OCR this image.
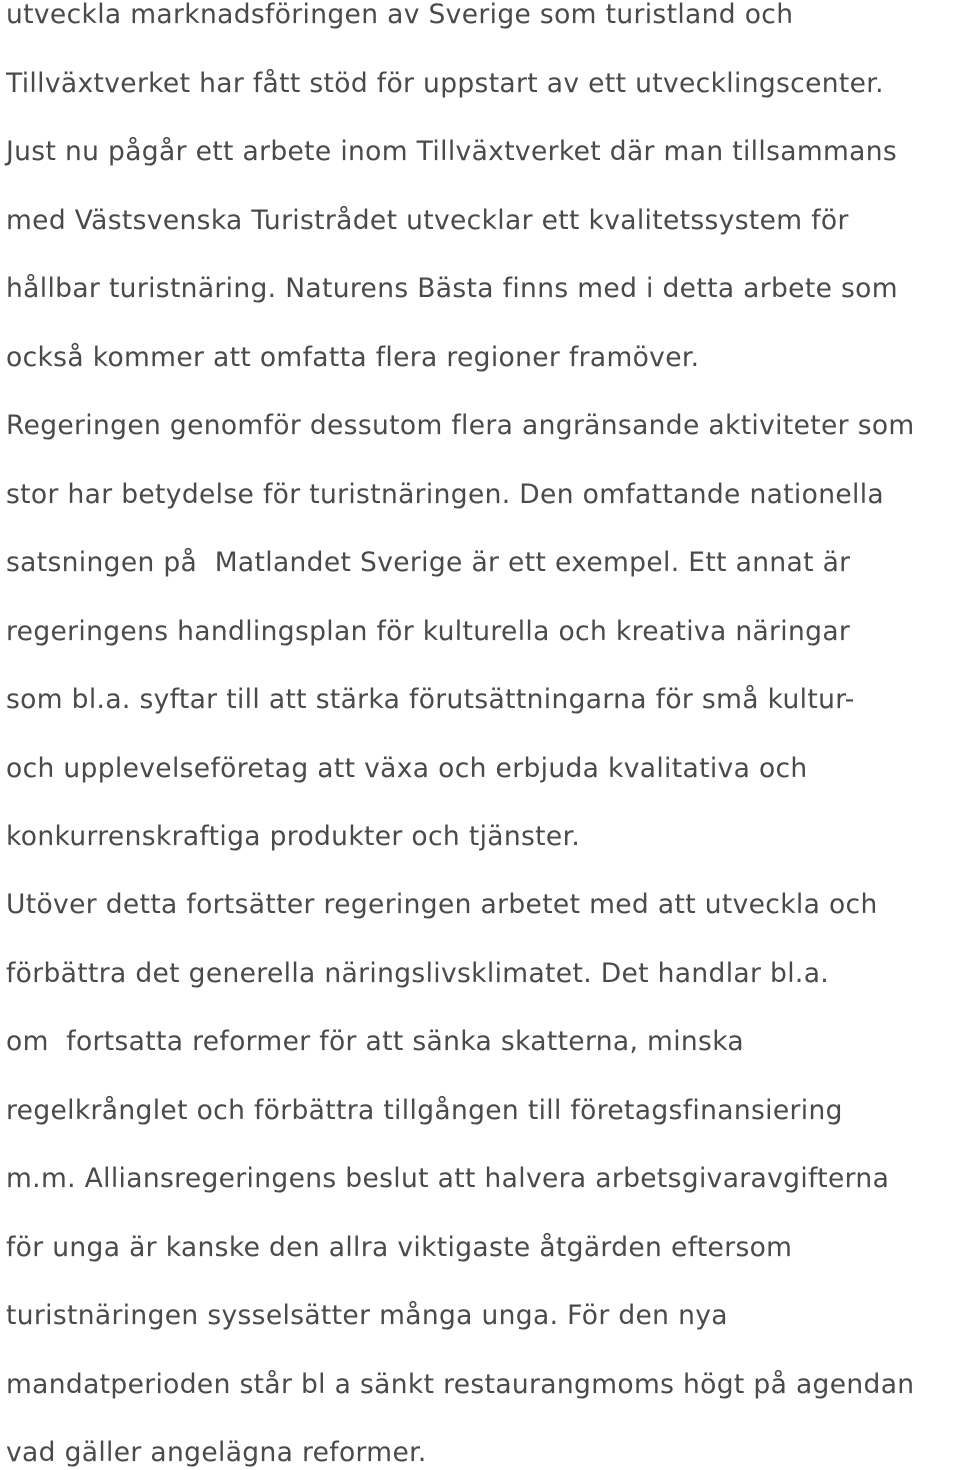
utveckla marknadsföringen av Sverige som turistland och
Tillväxtverket har fått stöd för uppstart av ett utvecklingscenter.
Just nu pågår ett arbete inom Tillväxtverket där man tillsammans
med Västsvenska Turistrådet utvecklar ett kvalitetssystem för
hållbar turistnäring. Naturens Bästa finns med i detta arbete som
också kommer att omfatta flera regioner framöver.
Regeringen genomför dessutom flera angränsande aktiviteter som
stor har betydelse för turistnäringen. Den omfattande nationella
satsningen på  Matlandet Sverige är ett exempel. Ett annat är
regeringens handlingsplan för kulturella och kreativa näringar
som bl.a. syftar till att stärka förutsättningarna för små kultur-
och upplevelseföretag att växa och erbjuda kvalitativa och
konkurrenskraftiga produkter och tjänster.
Utöver detta fortsätter regeringen arbetet med att utveckla och
förbättra det generella näringslivsklimatet. Det handlar bl.a.
om  fortsatta reformer för att sänka skatterna, minska
regelkrånglet och förbättra tillgången till företagsfinansiering
m.m. Alliansregeringens beslut att halvera arbetsgivaravgifterna
för unga är kanske den allra viktigaste åtgärden eftersom
turistnäringen sysselsätter många unga. För den nya
mandatperioden står bl a sänkt restaurangmoms högt på agendan
vad gäller angelägna reformer.
